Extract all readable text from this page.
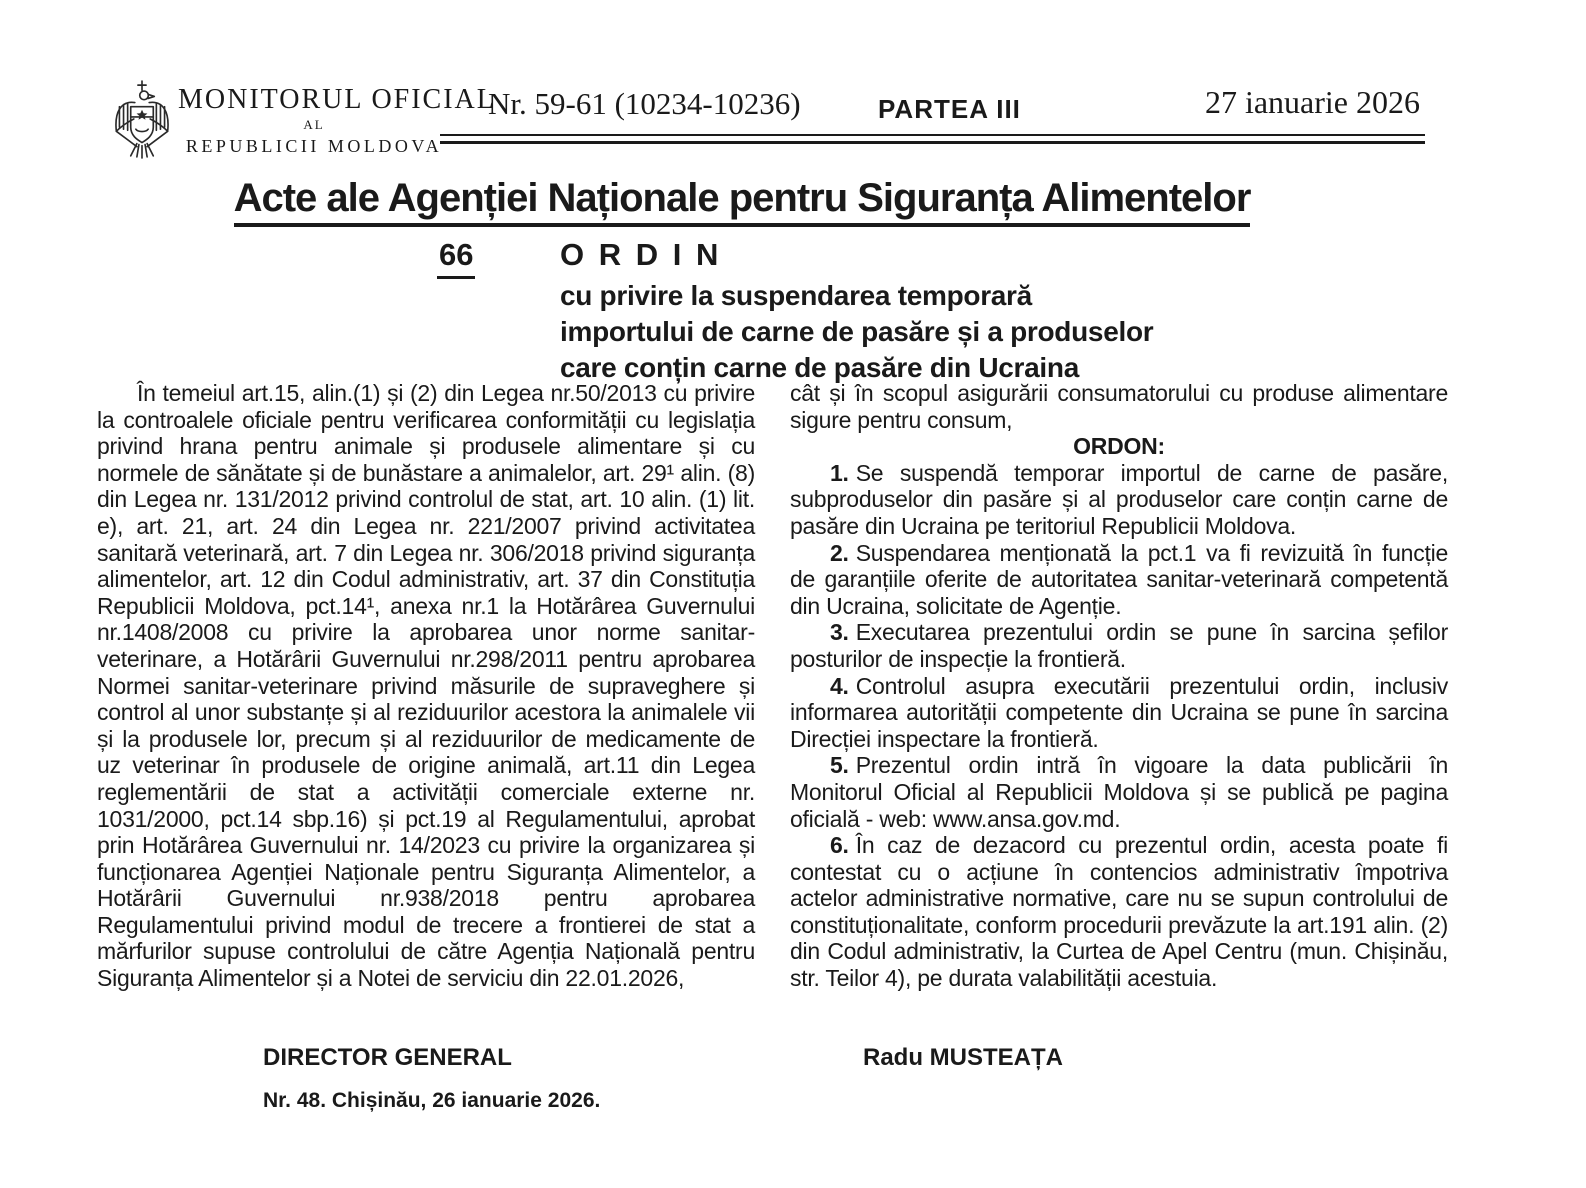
MONITORUL OFICIAL
AL
REPUBLICII MOLDOVA
Nr. 59-61 (10234-10236)	PARTEA III	27 ianuarie 2026
Acte ale Agenției Naționale pentru Siguranța Alimentelor
66	O R D I N
cu privire la suspendarea temporară
importului de carne de pasăre și a produselor
care conțin carne de pasăre din Ucraina

În temeiul art.15, alin.(1) și (2) din Legea nr.50/2013 cu privire la controalele oficiale pentru verificarea conformității cu legislația privind hrana pentru animale și produsele alimentare și cu normele de sănătate și de bunăstare a animalelor, art. 29¹ alin. (8) din Legea nr. 131/2012 privind controlul de stat, art. 10 alin. (1) lit. e), art. 21, art. 24 din Legea nr. 221/2007 privind activitatea sanitară veterinară, art. 7 din Legea nr. 306/2018 privind siguranța alimentelor, art. 12 din Codul administrativ, art. 37 din Constituția Republicii Moldova, pct.14¹, anexa nr.1 la Hotărârea Guvernului nr.1408/2008 cu privire la aprobarea unor norme sanitar-veterinare, a Hotărârii Guvernului nr.298/2011 pentru aprobarea Normei sanitar-veterinare privind măsurile de supraveghere și control al unor substanțe și al reziduurilor acestora la animalele vii și la produsele lor, precum și al reziduurilor de medicamente de uz veterinar în produsele de origine animală, art.11 din Legea reglementării de stat a activității comerciale externe nr. 1031/2000, pct.14 sbp.16) și pct.19 al Regulamentului, aprobat prin Hotărârea Guvernului nr. 14/2023 cu privire la organizarea și funcționarea Agenției Naționale pentru Siguranța Alimentelor, a Hotărârii Guvernului nr.938/2018 pentru aprobarea Regulamentului privind modul de trecere a frontierei de stat a mărfurilor supuse controlului de către Agenția Națională pentru Siguranța Alimentelor și a Notei de serviciu din 22.01.2026,

cât și în scopul asigurării consumatorului cu produse alimentare sigure pentru consum,

ORDON:

1. Se suspendă temporar importul de carne de pasăre, subproduselor din pasăre și al produselor care conțin carne de pasăre din Ucraina pe teritoriul Republicii Moldova.

2. Suspendarea menționată la pct.1 va fi revizuită în funcție de garanțiile oferite de autoritatea sanitar-veterinară competentă din Ucraina, solicitate de Agenție.

3. Executarea prezentului ordin se pune în sarcina șefilor posturilor de inspecție la frontieră.

4. Controlul asupra executării prezentului ordin, inclusiv informarea autorității competente din Ucraina se pune în sarcina Direcției inspectare la frontieră.

5. Prezentul ordin intră în vigoare la data publicării în Monitorul Oficial al Republicii Moldova și se publică pe pagina oficială - web: www.ansa.gov.md.

6. În caz de dezacord cu prezentul ordin, acesta poate fi contestat cu o acțiune în contencios administrativ împotriva actelor administrative normative, care nu se supun controlului de constituționalitate, conform procedurii prevăzute la art.191 alin. (2) din Codul administrativ, la Curtea de Apel Centru (mun. Chișinău, str. Teilor 4), pe durata valabilității acestuia.

DIRECTOR GENERAL	Radu MUSTEAȚA
Nr. 48. Chișinău, 26 ianuarie 2026.
